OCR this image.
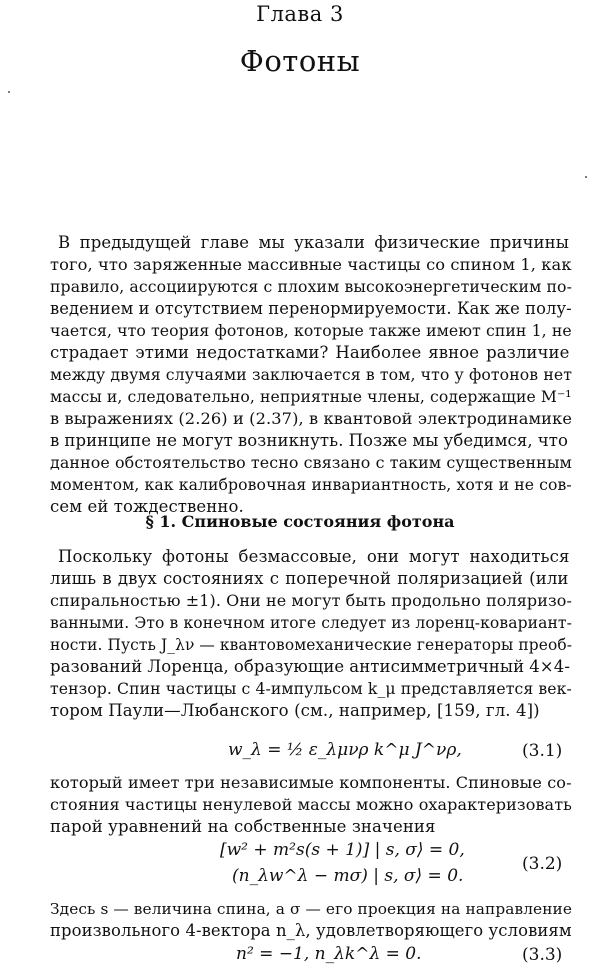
Глава 3
Фотоны
В предыдущей главе мы указали физические причины
того, что заряженные массивные частицы со спином 1, как
правило, ассоциируются с плохим высокоэнергетическим по-
ведением и отсутствием перенормируемости. Как же полу-
чается, что теория фотонов, которые также имеют спин 1, не
страдает этими недостатками? Наиболее явное различие
между двумя случаями заключается в том, что у фотонов нет
массы и, следовательно, неприятные члены, содержащие M⁻¹
в выражениях (2.26) и (2.37), в квантовой электродинамике
в принципе не могут возникнуть. Позже мы убедимся, что
данное обстоятельство тесно связано с таким существенным
моментом, как калибровочная инвариантность, хотя и не сов-
сем ей тождественно.
§ 1. Спиновые состояния фотона
Поскольку фотоны безмассовые, они могут находиться
лишь в двух состояниях с поперечной поляризацией (или
спиральностью ±1). Они не могут быть продольно поляризо-
ванными. Это в конечном итоге следует из лоренц-ковариант-
ности. Пусть J_λν — квантовомеханические генераторы преоб-
разований Лоренца, образующие антисимметричный 4×4-
тензор. Спин частицы с 4-импульсом k_μ представляется век-
тором Паули—Любанского (см., например, [159, гл. 4])
w_λ = ½ ε_λμνρ k^μ J^νρ,	(3.1)
который имеет три независимые компоненты. Спиновые со-
стояния частицы ненулевой массы можно охарактеризовать
парой уравнений на собственные значения
[w² + m²s(s + 1)] | s, σ⟩ = 0,
(n_λw^λ − mσ) | s, σ⟩ = 0.
(3.2)
Здесь s — величина спина, а σ — его проекция на направление
произвольного 4-вектора n_λ, удовлетворяющего условиям
n² = −1, n_λk^λ = 0.	(3.3)
